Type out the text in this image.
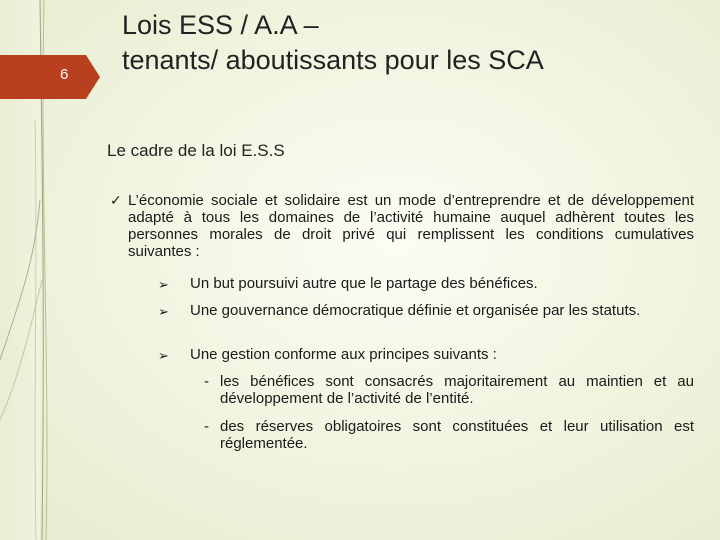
6
Lois ESS / A.A –
tenants/ aboutissants pour les SCA
Le cadre de la loi E.S.S
✓ L’économie sociale et solidaire est un mode d’entreprendre et de développement adapté à tous les domaines de l’activité humaine auquel adhèrent toutes les personnes morales de droit privé qui remplissent les conditions cumulatives suivantes :
➢ Un but poursuivi autre que le partage des bénéfices.
➢ Une gouvernance démocratique définie et organisée par les statuts.
➢ Une gestion conforme aux principes suivants :
- les bénéfices sont consacrés majoritairement au maintien et au développement de l’activité de l’entité.
- des réserves obligatoires sont constituées et leur utilisation est réglementée.
